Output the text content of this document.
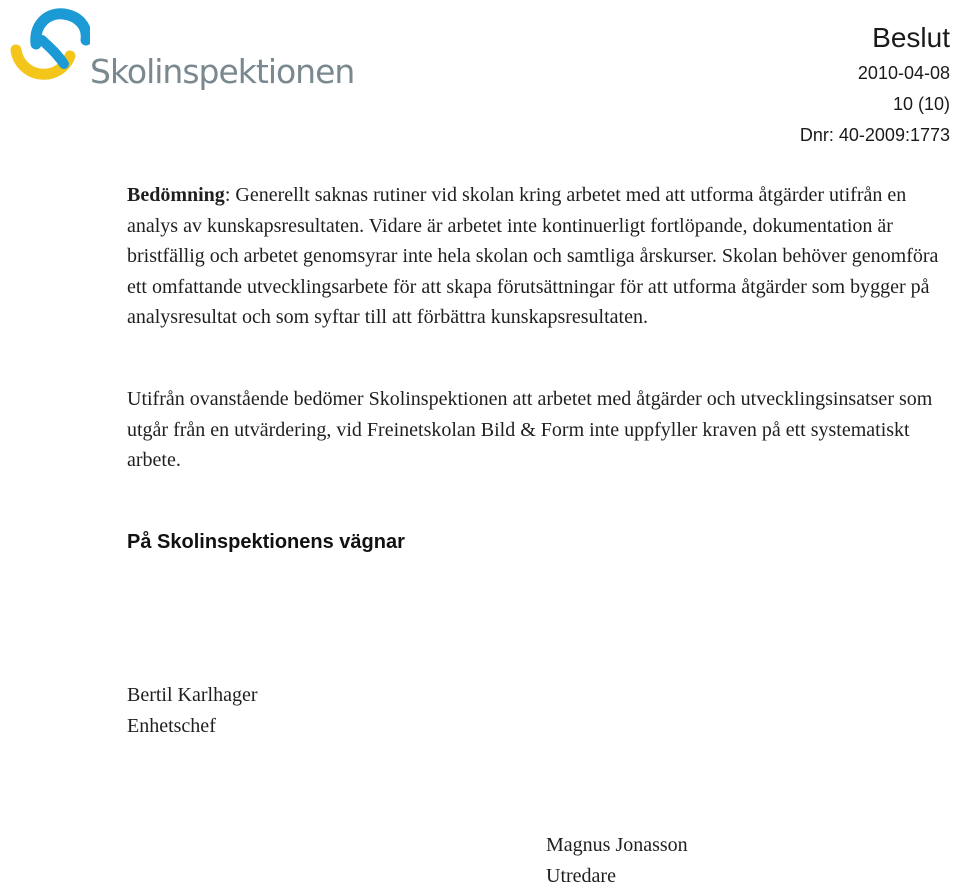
Skolinspektionen
Beslut
2010-04-08
10 (10)
Dnr: 40-2009:1773
Bedömning: Generellt saknas rutiner vid skolan kring arbetet med att utforma åtgärder utifrån en analys av kunskapsresultaten. Vidare är arbetet inte kontinuerligt fortlöpande, dokumentation är bristfällig och arbetet genomsyrar inte hela skolan och samtliga årskurser. Skolan behöver genomföra ett omfattande utvecklingsarbete för att skapa förutsättningar för att utforma åtgärder som bygger på analysresultat och som syftar till att förbättra kunskapsresultaten.
Utifrån ovanstående bedömer Skolinspektionen att arbetet med åtgärder och utvecklingsinsatser som utgår från en utvärdering, vid Freinetskolan Bild & Form inte uppfyller kraven på ett systematiskt arbete.
På Skolinspektionens vägnar
Bertil Karlhager
Enhetschef
Magnus Jonasson
Utredare
